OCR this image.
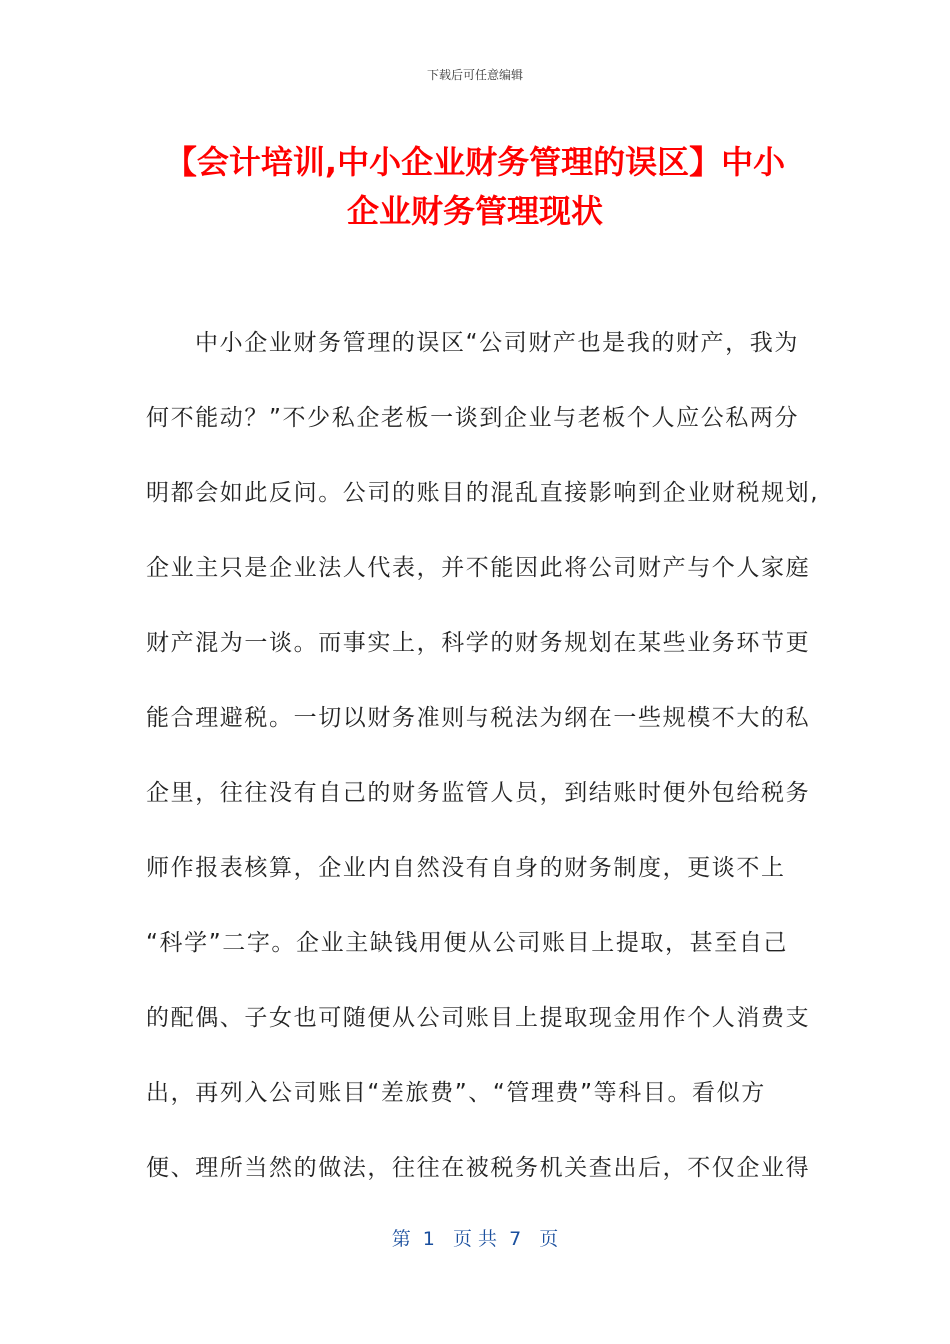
下载后可任意编辑
【会计培训,中小企业财务管理的误区】中小
企业财务管理现状
中小企业财务管理的误区“公司财产也是我的财产，我为
何不能动？”不少私企老板一谈到企业与老板个人应公私两分
明都会如此反问。公司的账目的混乱直接影响到企业财税规划,
企业主只是企业法人代表，并不能因此将公司财产与个人家庭
财产混为一谈。而事实上，科学的财务规划在某些业务环节更
能合理避税。一切以财务准则与税法为纲在一些规模不大的私
企里，往往没有自己的财务监管人员，到结账时便外包给税务
师作报表核算，企业内自然没有自身的财务制度，更谈不上
“科学”二字。企业主缺钱用便从公司账目上提取，甚至自己
的配偶、子女也可随便从公司账目上提取现金用作个人消费支
出，再列入公司账目“差旅费”、“管理费”等科目。看似方
便、理所当然的做法，往往在被税务机关查出后，不仅企业得
第  1   页 共  7   页
